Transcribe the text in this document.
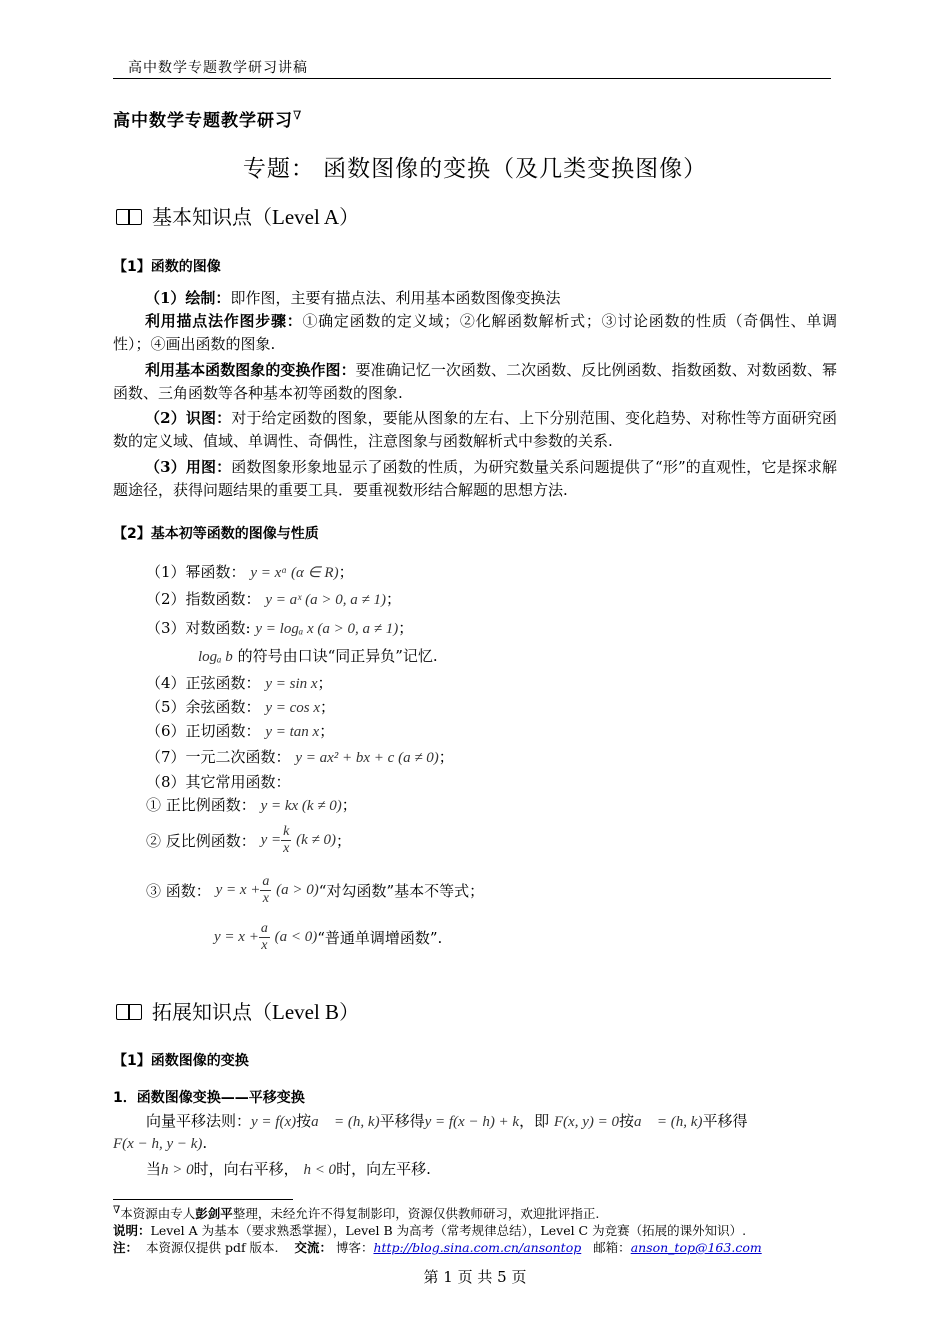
高中数学专题教学研习讲稿
高中数学专题教学研习∇
专题： 函数图像的变换（及几类变换图像）
基本知识点（Level A）
【1】函数的图像
（1）绘制：即作图，主要有描点法、利用基本函数图像变换法
利用描点法作图步骤：①确定函数的定义域；②化解函数解析式；③讨论函数的性质（奇偶性、单调性）；④画出函数的图象.
利用基本函数图象的变换作图：要准确记忆一次函数、二次函数、反比例函数、指数函数、对数函数、幂函数、三角函数等各种基本初等函数的图象.
（2）识图：对于给定函数的图象，要能从图象的左右、上下分别范围、变化趋势、对称性等方面研究函数的定义域、值域、单调性、奇偶性，注意图象与函数解析式中参数的关系.
（3）用图：函数图象形象地显示了函数的性质，为研究数量关系问题提供了“形”的直观性，它是探求解题途径，获得问题结果的重要工具．要重视数形结合解题的思想方法.
【2】基本初等函数的图像与性质
（1）幂函数： y = xᵅ (α ∈ R)；
（2）指数函数： y = aˣ (a > 0, a ≠ 1)；
（3）对数函数: y = logₐ x (a > 0, a ≠ 1)；
logₐ b 的符号由口诀“同正异负”记忆.
（4）正弦函数： y = sin x；
（5）余弦函数： y = cos x；
（6）正切函数： y = tan x；
（7）一元二次函数： y = ax² + bx + c (a ≠ 0)；
（8）其它常用函数：
① 正比例函数： y = kx (k ≠ 0)；
② 反比例函数：
$y = \frac{k}{x}$
(k ≠ 0) ；
③ 函数：
$y = x + \frac{a}{x}$
(a > 0) “对勾函数”基本不等式；
$y = x + \frac{a}{x}$
(a < 0) “普通单调增函数”.
拓展知识点（Level B）
【1】函数图像的变换
1．函数图像变换——平移变换
向量平移法则：y = f(x)按a⃗ = (h, k)平移得y = f(x − h) + k，即 F(x, y) = 0按a⃗ = (h, k)平移得
F(x − h, y − k).
当h > 0时，向右平移， h < 0时，向左平移.
∇本资源由专人彭剑平整理，未经允许不得复制影印，资源仅供教师研习，欢迎批评指正.
说明：Level A 为基本（要求熟悉掌握），Level B 为高考（常考规律总结），Level C 为竞赛（拓展的课外知识）.
注： 本资源仅提供 pdf 版本. 交流： 博客：http://blog.sina.com.cn/ansontop 邮箱：anson_top@163.com
第 1 页 共 5 页
